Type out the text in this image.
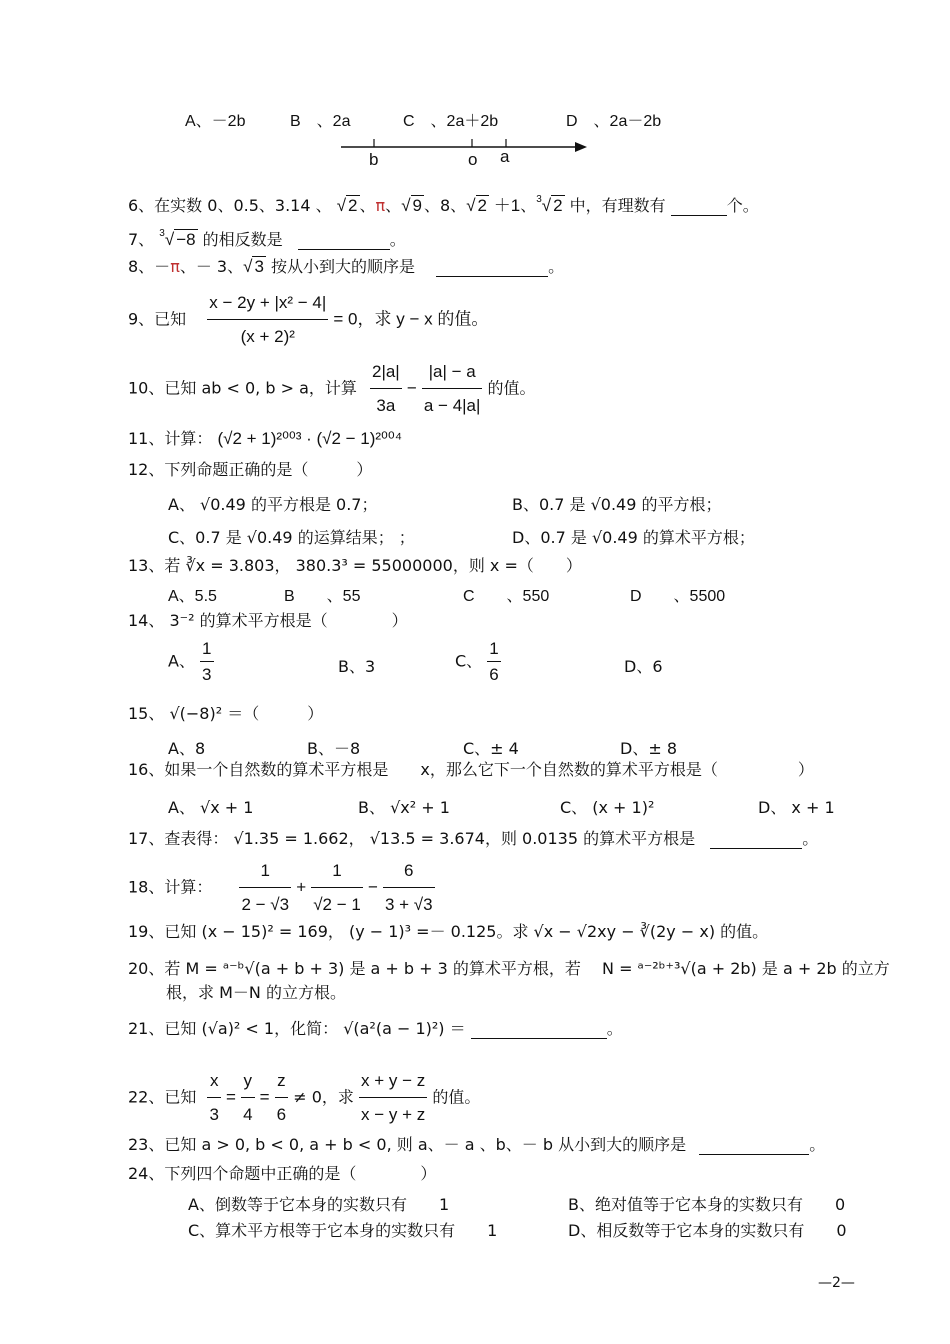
A、－2b	B　、2a	C　、2a＋2b	D　、2a－2b
b	o a
6、在实数 0、0.5、3.14 、 √ 2 、π、√ 9 、8、√ 2 ＋1、$^3$√ 2 中，有理数有	个。
7、 $^3$√ −8 的相反数是	。
8、－π、－ 3、√ 3 按从小到大的顺序是	。
9、已知 $\frac{\text{x − 2y + |x² − 4|}}{\text{(x + 2)²}} = 0$，求 y − x 的值。
10、已知 ab < 0, b > a，计算 $\frac{2|a|}{3a} - \frac{|a| - a}{a - 4|a|}$ 的值。
11、计算： (√2 + 1)²⁰⁰³ · (√2 − 1)²⁰⁰⁴
12、下列命题正确的是（　　　）
A、 √0.49 的平方根是 0.7；	B、0.7 是 √0.49 的平方根；
C、0.7 是 √0.49 的运算结果； ；	D、0.7 是 √0.49 的算术平方根；
13、若 ∛x = 3.803， 380.3³ = 55000000，则 x =（　　）
A、5.5	B　　、55	C　　、550	D　　、5500
14、 3⁻² 的算术平方根是（　　　　）
A、 $\frac{1}{3}$	B、3	C、 $\frac{1}{6}$	D、6
15、 √(−8)² ＝（　　　）
A、8	B、－8	C、± 4	D、± 8
16、如果一个自然数的算术平方根是　　x，那么它下一个自然数的算术平方根是（　　　　　）
A、 √x + 1	B、 √x² + 1	C、 (x + 1)²	D、 x + 1
17、查表得： √1.35 = 1.662， √13.5 = 3.674，则 0.0135 的算术平方根是	。
18、计算： $\frac{1}{2 - √3} + \frac{1}{√2 - 1} - \frac{6}{3 + √3}$
19、已知 (x − 15)² = 169， (y − 1)³ =－ 0.125。求 √x − √2xy − ∛(2y − x) 的值。
20、若 M = ᵃ⁻ᵇ√(a + b + 3) 是 a + b + 3 的算术平方根，若　 N = ᵃ⁻²ᵇ⁺³√(a + 2b) 是 a + 2b 的立方
根，求 M－N 的立方根。
21、已知 (√a)² < 1，化简： √(a²(a − 1)²) ＝	。
22、已知 $\frac{x}{3} = \frac{y}{4} = \frac{z}{6} \ne 0$，求 $\frac{x + y - z}{x - y + z}$ 的值。
23、已知 a > 0, b < 0, a + b < 0, 则 a、－ a 、b、－ b 从小到大的顺序是	。
24、下列四个命题中正确的是（　　　　）
A、倒数等于它本身的实数只有　　1	B、绝对值等于它本身的实数只有　　0
C、算术平方根等于它本身的实数只有　　1	D、相反数等于它本身的实数只有　　0
—2—
